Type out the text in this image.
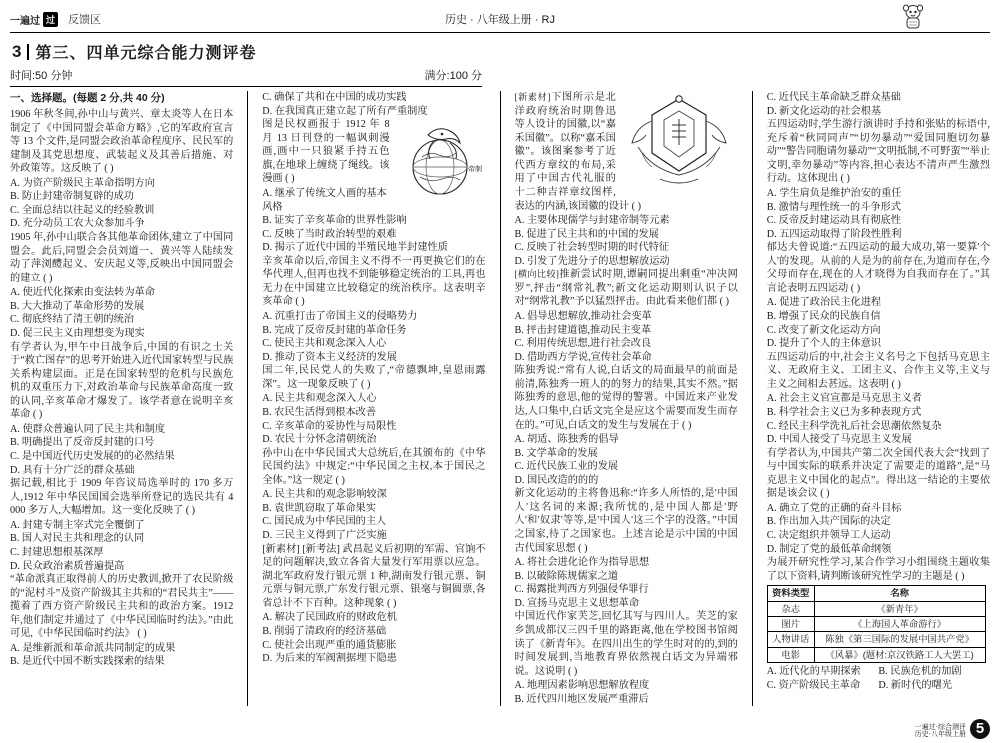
一遍过 过 反馈区	历史 · 八年级上册 · RJ
3 第三、四单元综合能力测评卷
时间:50 分钟	满分:100 分
一、选择题。(每题 2 分,共 40 分)
1906 年秋冬间,孙中山与黄兴、章太炎等人在日本制定了《中国同盟会革命方略》,它的军政府宣言等 13 个文件,是同盟会政治革命程度序、民民军的建制及其党思想度、武装起义及其善后措施、对外政策等。这反映了 ( )
A. 为资产阶级民主革命指明方向
B. 防止封建帝制复辟的成功
C. 全面总结以往起义的经验教训
D. 充分动员工农大众参加斗争
1905 年,孙中山联合各其他革命团体,建立了中国同盟会。此后,同盟会会员刘道一、黄兴等人陆续发动了萍浏醴起义、安庆起义等,反映出中国同盟会的建立 ( )
A. 使近代化探索由变法转为革命
B. 大大推动了革命形势的发展
C. 彻底终结了清王朝的统治
D. 促三民主义由理想变为现实
有学者认为,甲午中日战争后,中国的有识之士关于“救亡图存”的思考开始进入近代国家转型与民族关系构建层面。正是在国家转型的危机与民族危机的双重压力下,对政治革命与民族革命高度一致的认同,辛亥革命才爆发了。该学者意在说明辛亥革命 ( )
A. 使群众普遍认同了民主共和制度
B. 明确提出了反帝反封建的口号
C. 是中国近代历史发展的的必然结果
D. 具有十分广泛的群众基础
据记载,相比于 1909 年咨议局选举时的 170 多万人,1912 年中华民国国会选举所登记的选民共有 4 000 多万人,大幅增加。这一变化反映了 ( )
A. 封建专制主宰式完全覆倒了
B. 国人对民主共和理念的认同
C. 封建思想根基深厚
D. 民众政治素质普遍提高
“革命派真正取得前人的历史教训,掀开了农民阶级的“泥村斗”及资产阶级其主共和的“君民共主”——揽着了西方资产阶级民主共和的政治方案。1912 年,他们制定并通过了《中华民国临时约法》。”由此可见,《中华民国临时约法》 ( )
A. 是维新派和革命派共同制定的成果
B. 是近代中国不断实践探索的结果
C. 确保了共和在中国的成功实践
D. 在我国真正建立起了所有严重制度
帝制
图是民权画报于 1912 年 8 月 13 日刊登的一幅讽刺漫画,画中一只狼紧手持五色旗,在地球上缠绕了绳线。该漫画 ( )
A. 继承了传统文人画的基本风格
B. 证实了辛亥革命的世界性影响
C. 反映了当时政治转型的艰难
D. 揭示了近代中国的半殖民地半封建性质
辛亥革命以后,帝国主义不得不一再更换它们的在华代理人,但再也找不到能够稳定统治的工具,再也无力在中国建立比较稳定的统治秩序。这表明辛亥革命 ( )
A. 沉重打击了帝国主义的侵略势力
B. 完成了反帝反封建的革命任务
C. 使民主共和观念深入人心
D. 推动了资本主义经济的发展
国二年,民民党人的失败了,“帝德飘坤,皇恩雨露深”。这一现象反映了 ( )
A. 民主共和观念深入人心
B. 农民生活得到根本改善
C. 辛亥革命的妥协性与局限性
D. 农民十分怀念清朝统治
孙中山在中华民国式大总统后,在其颁布的《中华民国约法》中规定:“中华民国之主权,本于国民之全体。”这一规定 ( )
A. 民主共和的观念影响较深
B. 袁世凯窃取了革命果实
C. 国民成为中华民国的主人
D. 三民主义得到了广泛实施
[新素材] [新考法] 武昌起义后初期的军需、官饷不足的问题解决,致立各省大量发行军用票以应急。湖北军政府发行银元票 1 种,湖南发行银元票、铜元票与铜元票,广东发行银元票、银毫与铜圆票,各省总计不下百种。这种现象 ( )
A. 解决了民国政府的财政危机
B. 削弱了清政府的经济基础
C. 使社会出现严重的通货膨胀
D. 为后来的军阀割据埋下隐患
[新素材]下图所示是北洋政府统治时期鲁迅等人设计的国徽,以“嘉禾国徽”。以称“嘉禾国徽”。该图案参考了近代西方章纹的布局,采用了中国古代礼服的十二种吉祥章纹图样,表达的内涵,该国徽的设计 ( )
A. 主要体现儒学与封建帝制等元素
B. 促进了民主共和的中国的发展
C. 反映了社会转型时期的时代特征
D. 引发了先进分子的思想解放运动
[横向比较]推新尝试时期,谭嗣同提出剩重“冲决网罗”,抨击“纲常礼教”;新文化运动期则认识子以对“纲常礼教”予以猛烈抨击。由此看来他们都 ( )
A. 倡导思想解放,推动社会变革
B. 抨击封建道德,推动民主变革
C. 利用传统思想,进行社会改良
D. 借助西方学说,宣传社会革命
陈独秀说:“常有人说,白话文的局面最早的前面是前清,陈独秀一班人的的努力的结果,其实不然。”据陈独秀的意思,他的觉得的警署。中国近来产业发达,人口集中,白话文完全是应这个需要而发生而存在的。”可见,白话文的发生与发展在于 ( )
A. 胡适、陈独秀的倡导
B. 文学革命的发展
C. 近代民族工业的发展
D. 国民改造的的的
新文化运动的主将鲁迅称:“许多人所悟的,是'中国人'这名词的来源;我所忧的,是中国人都是'野人'和'奴隶'等等,是'中国人'这三个字的没落。”中国之国家,待了之国家也。上述言论是示中国的中国古代国家思想 ( )
A. 将社会进化论作为指导思想
B. 以破除陈规儒家之道
C. 揭露批判西方列强侵华罪行
D. 宣扬马克思主义思想革命
中国近代作家芙芝,回忆其写与四川人。芙芝的家乡凯成都汉三四千里的路距离,他在学校图书馆阅读了《新青年》。在四川出生的学生时对的的,到的时间发展到,当地教育界依然视白话文为异端邪说。这说明 ( )
A. 地理因素影响思想解放程度
B. 近代四川地区发展严重滞后
C. 近代民主革命缺乏群众基础
D. 新文化运动的社会根基
五四运动时,学生游行演讲时手持和张贴的标语中,充斥着“秋同同声”“切勿暴动”“爱国同胞切勿暴动”“警告同胞请勿暴动”“文明抵制,不可野蛮”“举止文明,幸勿暴动”等内容,担心表达不清声严生激烈行动。这体现出 ( )
A. 学生肩负是维护治安的重任
B. 激情与理性统一的斗争形式
C. 反帝反封建运动具有彻底性
D. 五四运动取得了阶段性胜利
郁达夫曾说道:“五四运动的最大成功,第一要算'个人'的发现。从前的人是为的前存在,为道而存在,今父母而存在,现在的人才晓得为自我而存在了。”其言论表明五四运动 ( )
A. 促进了政治民主化进程
B. 增强了民众的民族自信
C. 改变了新文化运动方向
D. 提升了个人的主体意识
五四运动后的中,社会主义名号之下包括马克思主义、无政府主义、工团主义、合作主义等,主义与主义之间相去甚远。这表明 ( )
A. 社会主义官宣都是马克思主义者
B. 科学社会主义已为多种表现方式
C. 经民主科学洗礼后社会思潮依然复杂
D. 中国人接受了马克思主义发展
有学者认为,中国共产第二次全国代表大会“找到了与中国实际的联系并决定了需要走的道路”,是“马克思主义中国化的起点”。得出这一结论的主要依据是该会议 ( )
A. 确立了党的正确的奋斗目标
B. 作出加入共产国际的决定
C. 决定组织并领导工人运动
D. 制定了党的最低革命纲领
为展开研究性学习,某合作学习小组围绕主题收集了以下资料,请判断该研究性学习的主题是 ( )
资料类型	名称
杂志	《新青年》
图片	《上海国人革命游行》
人物讲话	陈独《第三国际的发展中国共产党》
电影	《风暴》(题材:京汉铁路工人大罢工)
A. 近代化的早期探索	B. 民族危机的加剧
C. 资产阶级民主革命	D. 新时代的曙光
一遍过·综合测评
历史·八年级上册 5
